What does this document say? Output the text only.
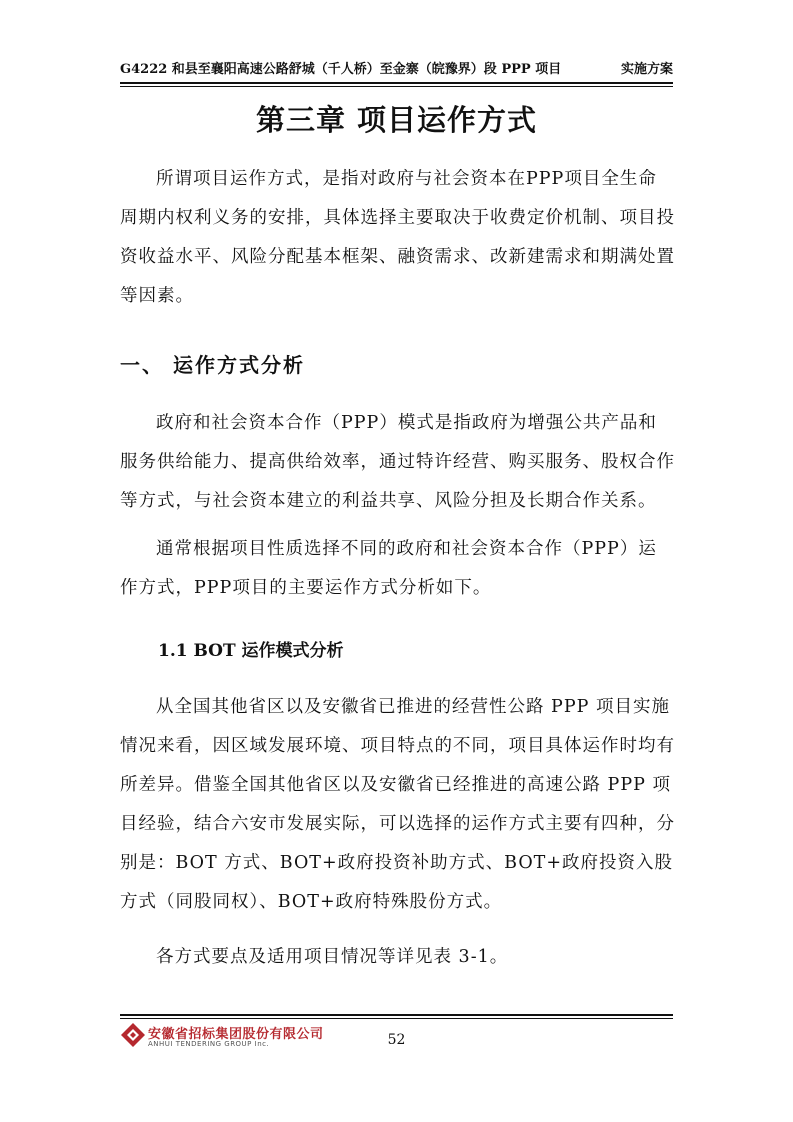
G4222 和县至襄阳高速公路舒城（千人桥）至金寨（皖豫界）段 PPP 项目	实施方案
第三章 项目运作方式

所谓项目运作方式，是指对政府与社会资本在PPP项目全生命周期内权利义务的安排，具体选择主要取决于收费定价机制、项目投资收益水平、风险分配基本框架、融资需求、改新建需求和期满处置等因素。

一、 运作方式分析

政府和社会资本合作（PPP）模式是指政府为增强公共产品和服务供给能力、提高供给效率，通过特许经营、购买服务、股权合作等方式，与社会资本建立的利益共享、风险分担及长期合作关系。

通常根据项目性质选择不同的政府和社会资本合作（PPP）运作方式，PPP项目的主要运作方式分析如下。

1.1 BOT 运作模式分析

从全国其他省区以及安徽省已推进的经营性公路 PPP 项目实施情况来看，因区域发展环境、项目特点的不同，项目具体运作时均有所差异。借鉴全国其他省区以及安徽省已经推进的高速公路 PPP 项目经验，结合六安市发展实际，可以选择的运作方式主要有四种，分别是：BOT 方式、BOT+政府投资补助方式、BOT+政府投资入股方式（同股同权）、BOT+政府特殊股份方式。

各方式要点及适用项目情况等详见表 3-1。

安徽省招标集团股份有限公司
ANHUI TENDERING GROUP Inc.	52
